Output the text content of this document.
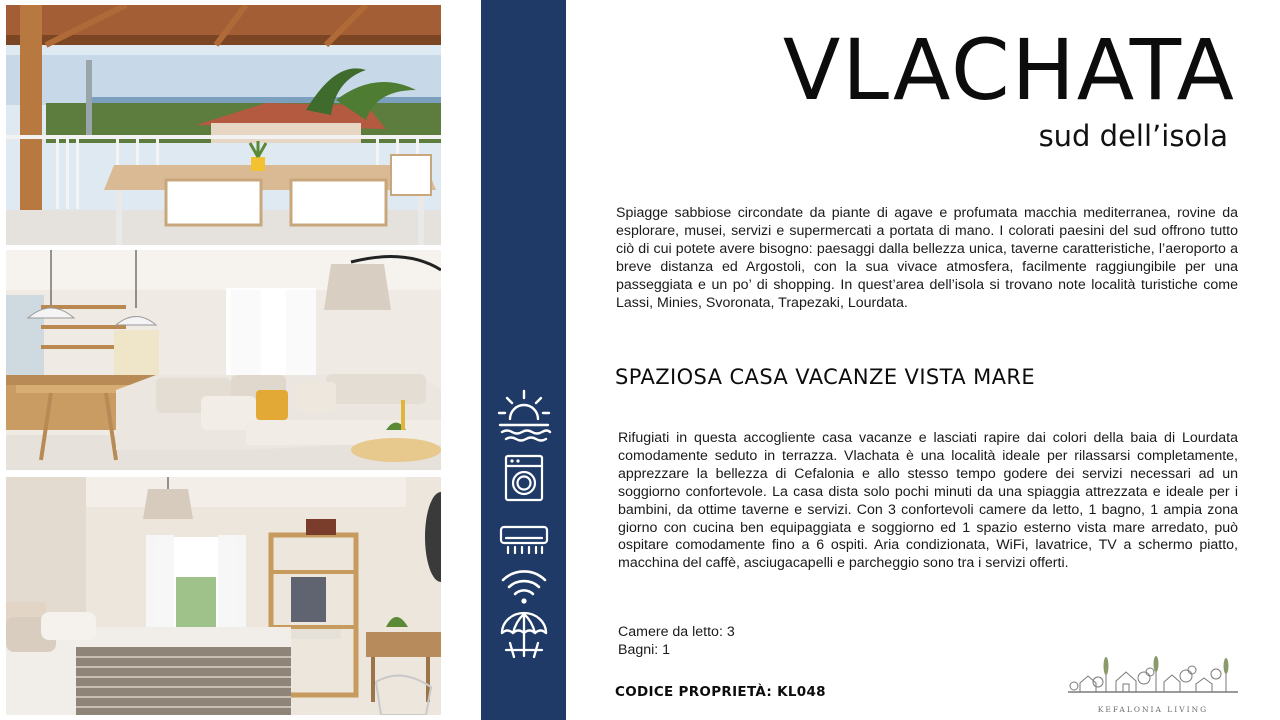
VLACHATA
sud dell’isola

Spiagge sabbiose circondate da piante di agave e profumata macchia mediterranea, rovine da esplorare, musei, servizi e supermercati a portata di mano. I colorati paesini del sud offrono tutto ciò di cui potete avere bisogno: paesaggi dalla bellezza unica, taverne caratteristiche, l’aeroporto a breve distanza ed Argostoli, con la sua vivace atmosfera, facilmente raggiungibile per una passeggiata e un po’ di shopping. In quest’area dell’isola si trovano note località turistiche come Lassi, Minies, Svoronata, Trapezaki, Lourdata.

SPAZIOSA CASA VACANZE VISTA MARE

Rifugiati in questa accogliente casa vacanze e lasciati rapire dai colori della baia di Lourdata comodamente seduto in terrazza. Vlachata è una località ideale per rilassarsi completamente, apprezzare la bellezza di Cefalonia e allo stesso tempo godere dei servizi necessari ad un soggiorno confortevole. La casa dista solo pochi minuti da una spiaggia attrezzata e ideale per i bambini, da ottime taverne e servizi. Con 3 confortevoli camere da letto, 1 bagno, 1 ampia zona giorno con cucina ben equipaggiata e soggiorno ed 1 spazio esterno vista mare arredato, può ospitare comodamente fino a 6 ospiti. Aria condizionata, WiFi, lavatrice, TV a schermo piatto, macchina del caffè, asciugacapelli e parcheggio sono tra i servizi offerti.

Camere da letto: 3
Bagni: 1
CODICE PROPRIETÀ: KL048
KEFALONIA LIVING
